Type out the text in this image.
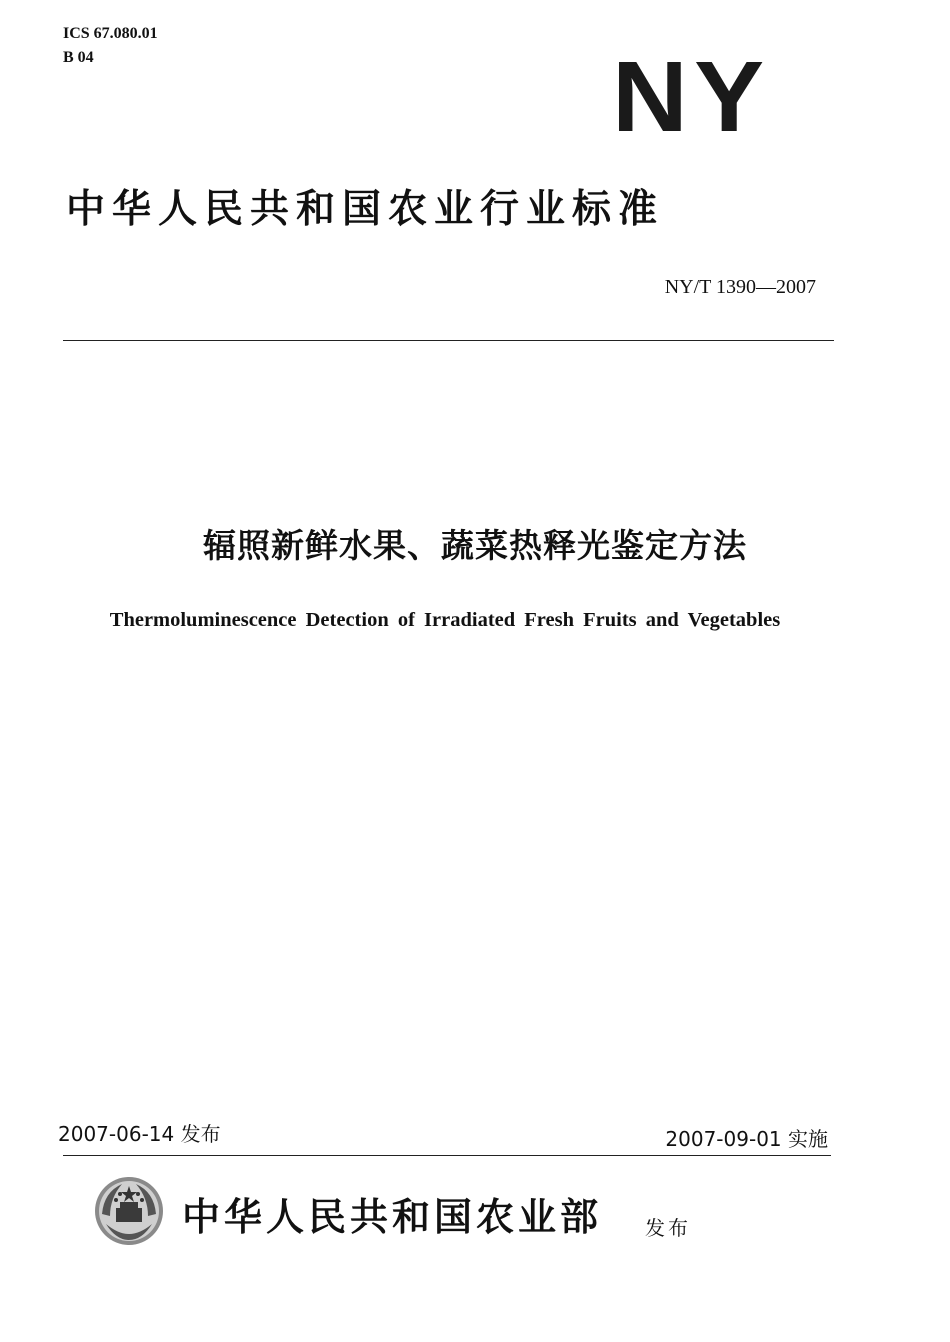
ICS 67.080.01
B 04	NY
中华人民共和国农业行业标准
NY/T 1390—2007
辐照新鲜水果、蔬菜热释光鉴定方法
Thermoluminescence Detection of Irradiated Fresh Fruits and Vegetables
2007-06-14 发布	2007-09-01 实施
中华人民共和国农业部 发布
